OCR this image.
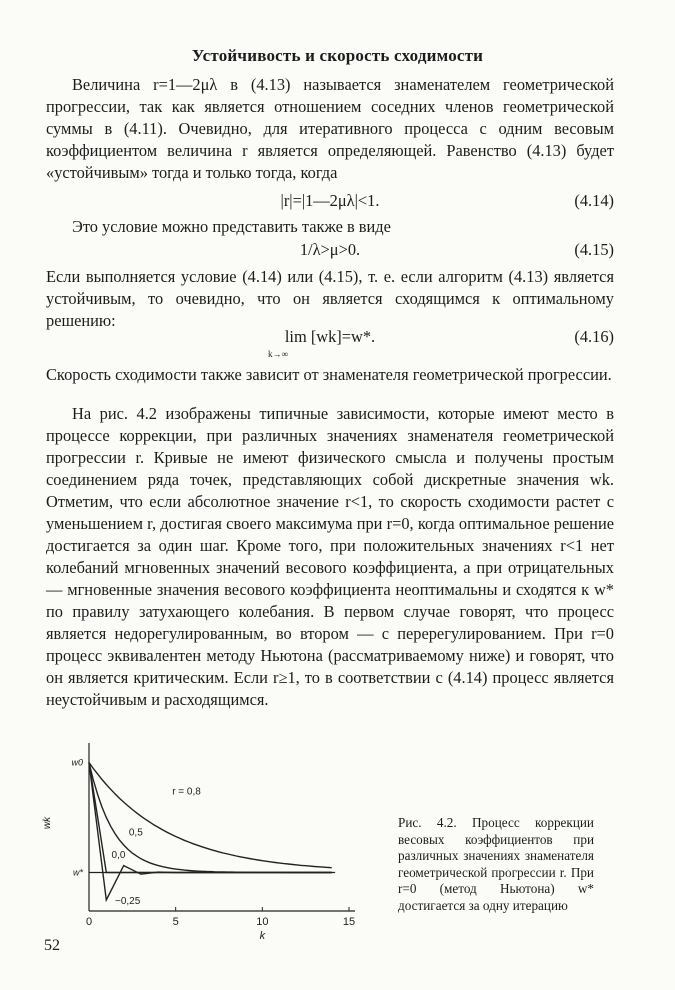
Устойчивость и скорость сходимости

Величина r=1—2μλ в (4.13) называется знаменателем геометрической прогрессии, так как является отношением соседних членов геометрической суммы в (4.11). Очевидно, для итеративного процесса с одним весовым коэффициентом величина r является определяющей. Равенство (4.13) будет «устойчивым» тогда и только тогда, когда

|r|=|1—2μλ|<1.	(4.14)

Это условие можно представить также в виде

1/λ>μ>0.	(4.15)

Если выполняется условие (4.14) или (4.15), т. е. если алгоритм (4.13) является устойчивым, то очевидно, что он является сходящимся к оптимальному решению:

lim [wk]=w*.
k→∞
(4.16)

Скорость сходимости также зависит от знаменателя геометрической прогрессии.

На рис. 4.2 изображены типичные зависимости, которые имеют место в процессе коррекции, при различных значениях знаменателя геометрической прогрессии r. Кривые не имеют физического смысла и получены простым соединением ряда точек, представляющих собой дискретные значения wk. Отметим, что если абсолютное значение r<1, то скорость сходимости растет с уменьшением r, достигая своего максимума при r=0, когда оптимальное решение достигается за один шаг. Кроме того, при положительных значениях r<1 нет колебаний мгновенных значений весового коэффициента, а при отрицательных — мгновенные значения весового коэффициента неоптимальны и сходятся к w* по правилу затухающего колебания. В первом случае говорят, что процесс является недорегулированным, во втором — с перерегулированием. При r=0 процесс эквивалентен методу Ньютона (рассматриваемому ниже) и говорят, что он является критическим. Если r≥1, то в соответствии с (4.14) процесс является неустойчивым и расходящимся.

0	5	10	15
k
wk
w0
w*
r = 0,8
0,5
0,0
−0,25
Рис. 4.2. Процесс коррекции весовых коэффициентов при различных значениях знаменателя геометрической прогрессии r. При r=0 (метод Ньютона) w* достигается за одну итерацию
52
